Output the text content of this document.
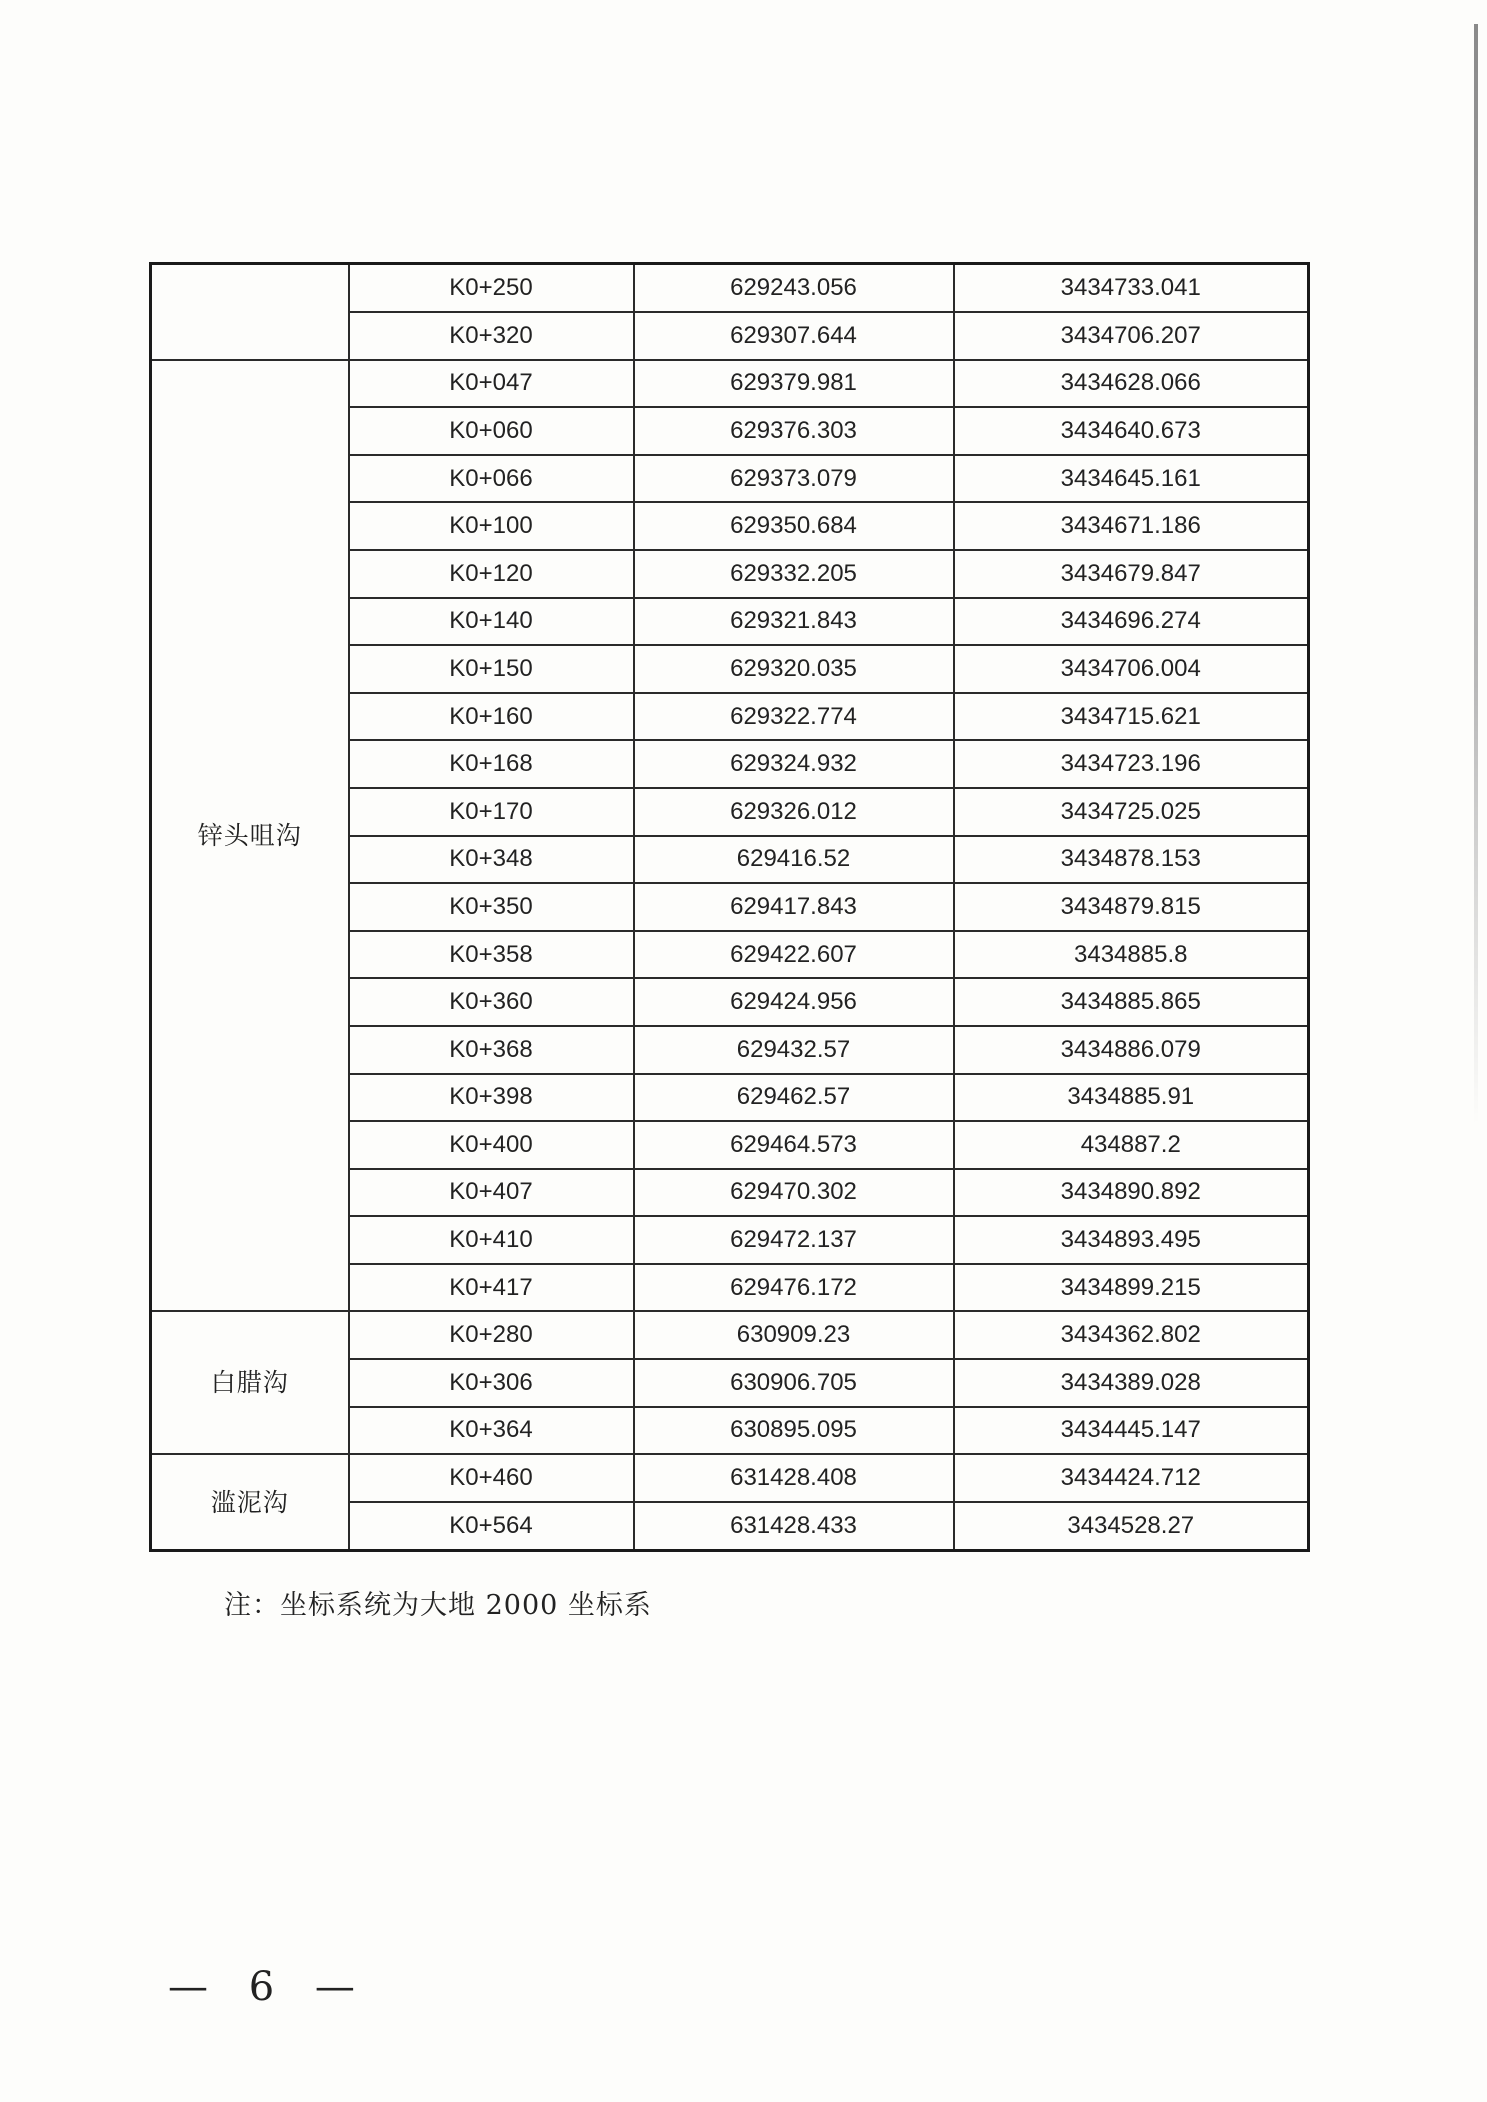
	K0+250	629243.056	3434733.041
	K0+320	629307.644	3434706.207
锌头咀沟	K0+047	629379.981	3434628.066
	K0+060	629376.303	3434640.673
	K0+066	629373.079	3434645.161
	K0+100	629350.684	3434671.186
	K0+120	629332.205	3434679.847
	K0+140	629321.843	3434696.274
	K0+150	629320.035	3434706.004
	K0+160	629322.774	3434715.621
	K0+168	629324.932	3434723.196
	K0+170	629326.012	3434725.025
	K0+348	629416.52	3434878.153
	K0+350	629417.843	3434879.815
	K0+358	629422.607	3434885.8
	K0+360	629424.956	3434885.865
	K0+368	629432.57	3434886.079
	K0+398	629462.57	3434885.91
	K0+400	629464.573	434887.2
	K0+407	629470.302	3434890.892
	K0+410	629472.137	3434893.495
	K0+417	629476.172	3434899.215
白腊沟	K0+280	630909.23	3434362.802
	K0+306	630906.705	3434389.028
	K0+364	630895.095	3434445.147
滥泥沟	K0+460	631428.408	3434424.712
	K0+564	631428.433	3434528.27
注：坐标系统为大地 2000 坐标系
— 6 —
